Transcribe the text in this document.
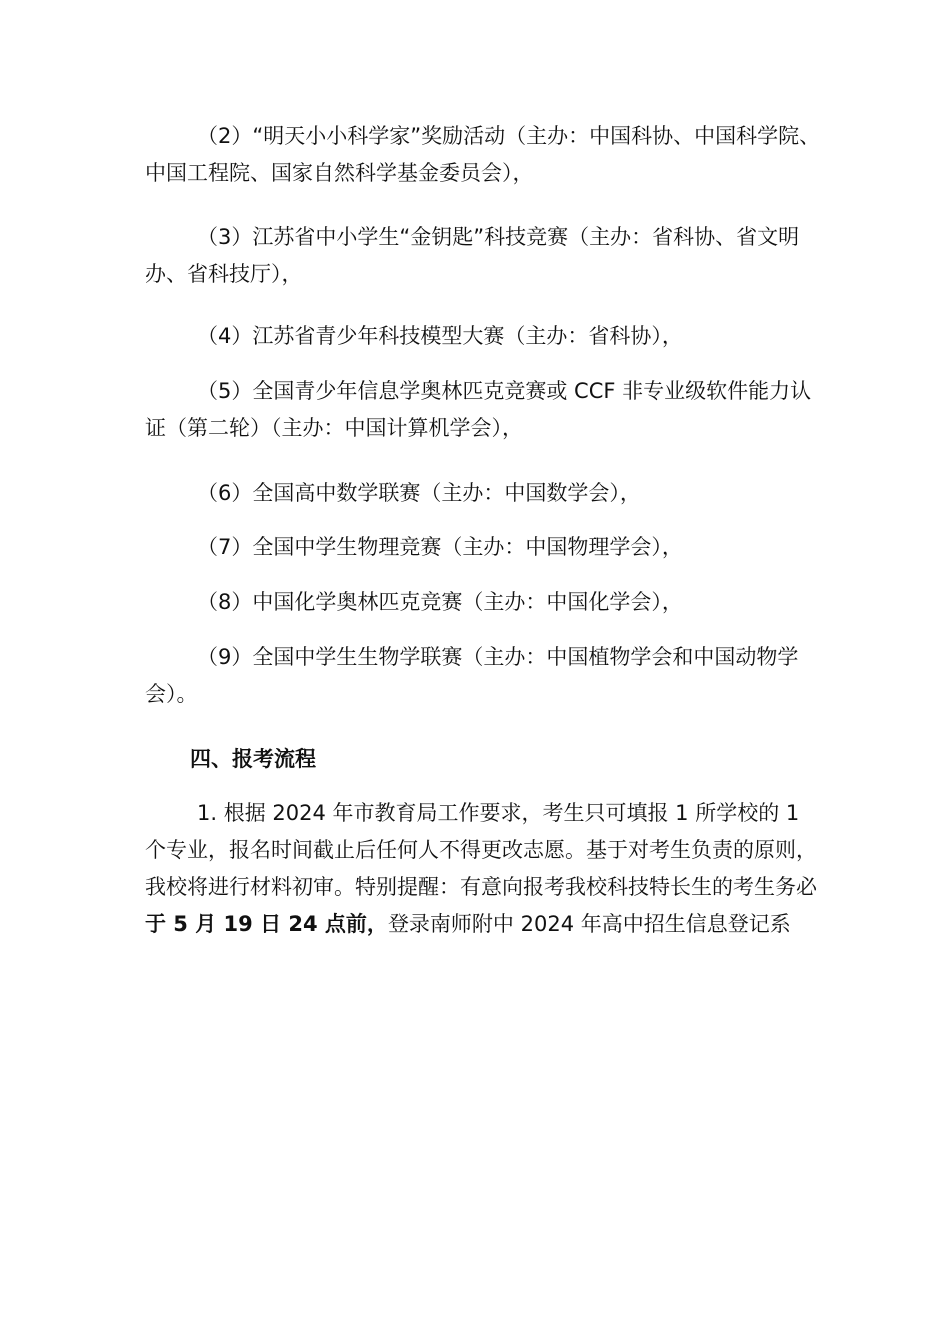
（2）“明天小小科学家”奖励活动（主办：中国科协、中国科学院、中国工程院、国家自然科学基金委员会），

（3）江苏省中小学生“金钥匙”科技竞赛（主办：省科协、省文明办、省科技厅），

（4）江苏省青少年科技模型大赛（主办：省科协），

（5）全国青少年信息学奥林匹克竞赛或 CCF 非专业级软件能力认证（第二轮）（主办：中国计算机学会），

（6）全国高中数学联赛（主办：中国数学会），

（7）全国中学生物理竞赛（主办：中国物理学会），

（8）中国化学奥林匹克竞赛（主办：中国化学会），

（9）全国中学生生物学联赛（主办：中国植物学会和中国动物学会）。

四、报考流程

1. 根据 2024 年市教育局工作要求，考生只可填报 1 所学校的 1 个专业，报名时间截止后任何人不得更改志愿。基于对考生负责的原则， 我校将进行材料初审。特别提醒：有意向报考我校科技特长生的考生务必于 5 月 19 日 24 点前，登录南师附中 2024 年高中招生信息登记系
